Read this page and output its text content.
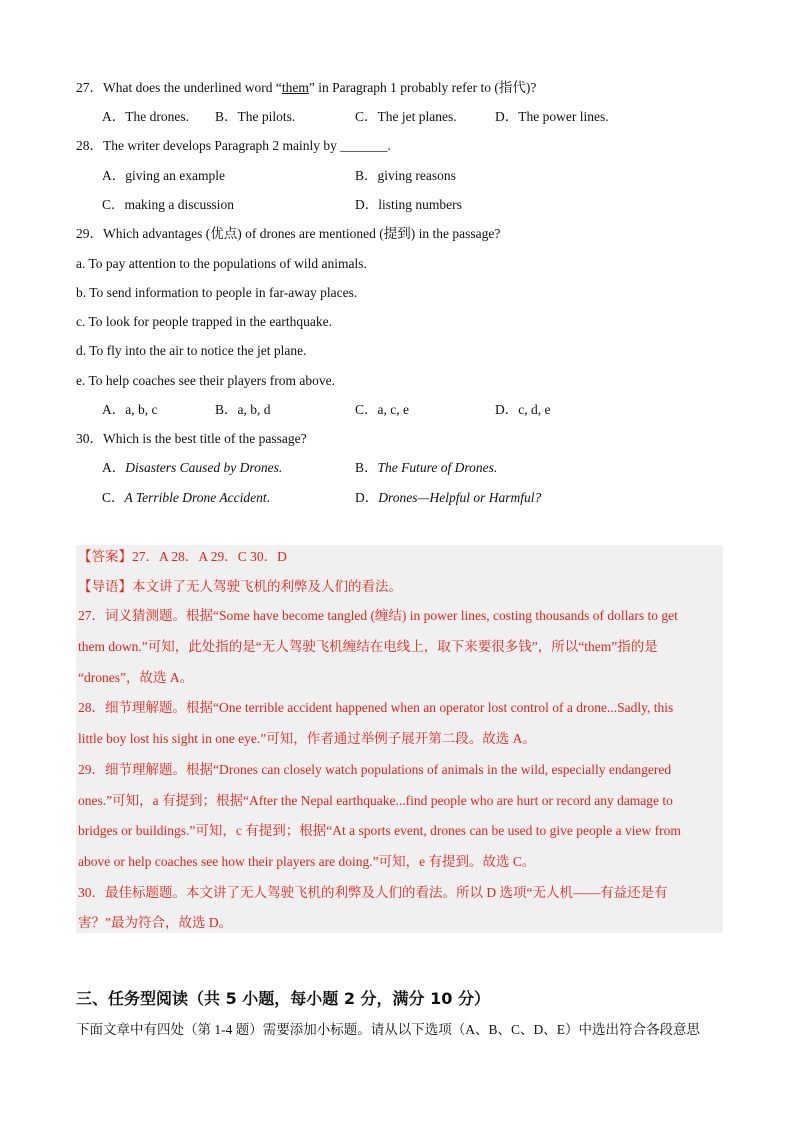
27．What does the underlined word “them” in Paragraph 1 probably refer to (指代)?
A．The drones. B．The pilots.	C．The jet planes.	D．The power lines.
28．The writer develops Paragraph 2 mainly by _______.
A．giving an example	B．giving reasons
C．making a discussion	D．listing numbers
29．Which advantages (优点) of drones are mentioned (提到) in the passage?
a. To pay attention to the populations of wild animals.
b. To send information to people in far-away places.
c. To look for people trapped in the earthquake.
d. To fly into the air to notice the jet plane.
e. To help coaches see their players from above.
A．a, b, c	B．a, b, d	C．a, c, e	D．c, d, e
30．Which is the best title of the passage?
A．Disasters Caused by Drones.	B．The Future of Drones.
C．A Terrible Drone Accident.	D．Drones—Helpful or Harmful?
【答案】27．A 28．A 29．C 30．D
【导语】本文讲了无人驾驶飞机的利弊及人们的看法。
27．词义猜测题。根据“Some have become tangled (缠结) in power lines, costing thousands of dollars to get
them down.”可知，此处指的是“无人驾驶飞机缠结在电线上，取下来要很多钱”，所以“them”指的是
“drones”，故选 A。
28．细节理解题。根据“One terrible accident happened when an operator lost control of a drone...Sadly, this
little boy lost his sight in one eye.”可知，作者通过举例子展开第二段。故选 A。
29．细节理解题。根据“Drones can closely watch populations of animals in the wild, especially endangered
ones.”可知，a 有提到；根据“After the Nepal earthquake...find people who are hurt or record any damage to
bridges or buildings.”可知，c 有提到；根据“At a sports event, drones can be used to give people a view from
above or help coaches see how their players are doing.”可知，e 有提到。故选 C。
30．最佳标题题。本文讲了无人驾驶飞机的利弊及人们的看法。所以 D 选项“无人机——有益还是有
害？”最为符合，故选 D。
三、任务型阅读（共 5 小题，每小题 2 分，满分 10 分）
下面文章中有四处（第 1-4 题）需要添加小标题。请从以下选项（A、B、C、D、E）中选出符合各段意思
